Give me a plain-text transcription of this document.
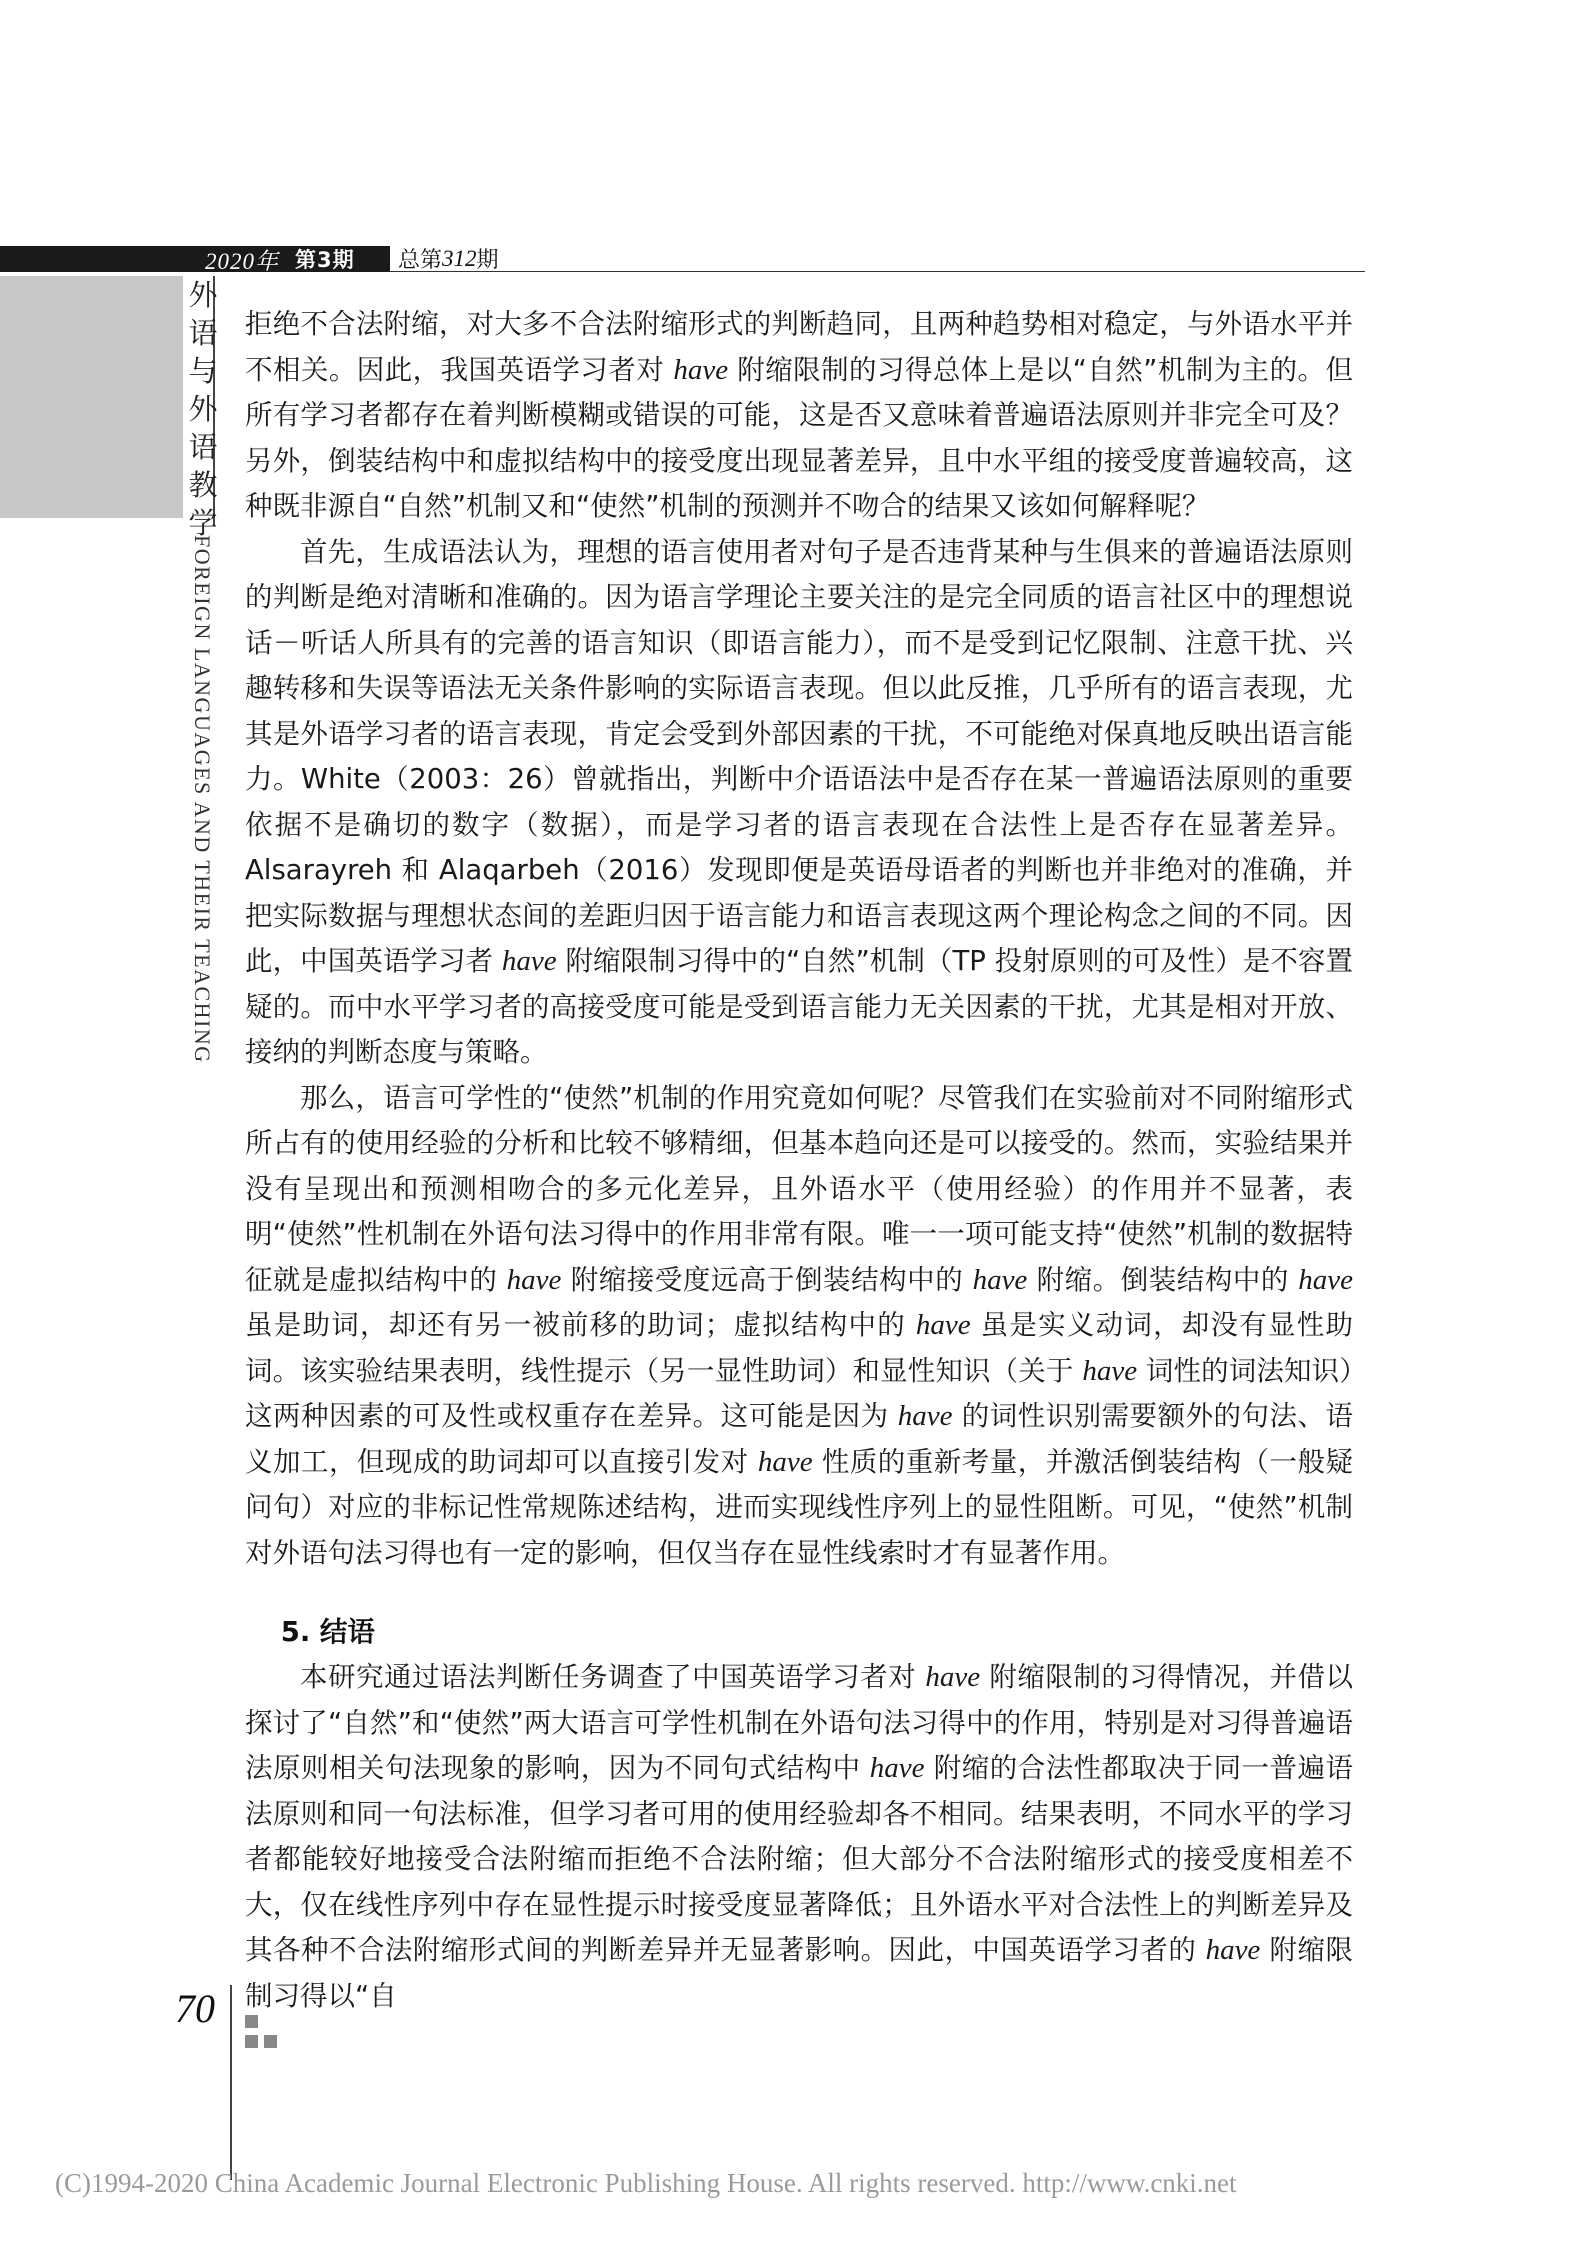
2020年 第3期 总第 312 期
外
语
与
外
语
教
学
FOREIGN LANGUAGES AND THEIR TEACHING

拒绝不合法附缩，对大多不合法附缩形式的判断趋同，且两种趋势相对稳定，与外语水平并不相关。因此，我国英语学习者对 have 附缩限制的习得总体上是以“自然”机制为主的。但所有学习者都存在着判断模糊或错误的可能，这是否又意味着普遍语法原则并非完全可及？另外，倒装结构中和虚拟结构中的接受度出现显著差异，且中水平组的接受度普遍较高，这种既非源自“自然”机制又和“使然”机制的预测并不吻合的结果又该如何解释呢？

首先，生成语法认为，理想的语言使用者对句子是否违背某种与生俱来的普遍语法原则的判断是绝对清晰和准确的。因为语言学理论主要关注的是完全同质的语言社区中的理想说话－听话人所具有的完善的语言知识（即语言能力），而不是受到记忆限制、注意干扰、兴趣转移和失误等语法无关条件影响的实际语言表现。但以此反推，几乎所有的语言表现，尤其是外语学习者的语言表现，肯定会受到外部因素的干扰，不可能绝对保真地反映出语言能力。White（2003：26）曾就指出，判断中介语语法中是否存在某一普遍语法原则的重要依据不是确切的数字（数据），而是学习者的语言表现在合法性上是否存在显著差异。Alsarayreh 和 Alaqarbeh（2016）发现即便是英语母语者的判断也并非绝对的准确，并把实际数据与理想状态间的差距归因于语言能力和语言表现这两个理论构念之间的不同。因此，中国英语学习者 have 附缩限制习得中的“自然”机制（TP 投射原则的可及性）是不容置疑的。而中水平学习者的高接受度可能是受到语言能力无关因素的干扰，尤其是相对开放、接纳的判断态度与策略。

那么，语言可学性的“使然”机制的作用究竟如何呢？尽管我们在实验前对不同附缩形式所占有的使用经验的分析和比较不够精细，但基本趋向还是可以接受的。然而，实验结果并没有呈现出和预测相吻合的多元化差异，且外语水平（使用经验）的作用并不显著，表明“使然”性机制在外语句法习得中的作用非常有限。唯一一项可能支持“使然”机制的数据特征就是虚拟结构中的 have 附缩接受度远高于倒装结构中的 have 附缩。倒装结构中的 have 虽是助词，却还有另一被前移的助词；虚拟结构中的 have 虽是实义动词，却没有显性助词。该实验结果表明，线性提示（另一显性助词）和显性知识（关于 have 词性的词法知识）这两种因素的可及性或权重存在差异。这可能是因为 have 的词性识别需要额外的句法、语义加工，但现成的助词却可以直接引发对 have 性质的重新考量，并激活倒装结构（一般疑问句）对应的非标记性常规陈述结构，进而实现线性序列上的显性阻断。可见，“使然”机制对外语句法习得也有一定的影响，但仅当存在显性线索时才有显著作用。

5. 结语

本研究通过语法判断任务调查了中国英语学习者对 have 附缩限制的习得情况，并借以探讨了“自然”和“使然”两大语言可学性机制在外语句法习得中的作用，特别是对习得普遍语法原则相关句法现象的影响，因为不同句式结构中 have 附缩的合法性都取决于同一普遍语法原则和同一句法标准，但学习者可用的使用经验却各不相同。结果表明，不同水平的学习者都能较好地接受合法附缩而拒绝不合法附缩；但大部分不合法附缩形式的接受度相差不大，仅在线性序列中存在显性提示时接受度显著降低；且外语水平对合法性上的判断差异及其各种不合法附缩形式间的判断差异并无显著影响。因此，中国英语学习者的 have 附缩限制习得以“自

70
(C)1994-2020 China Academic Journal Electronic Publishing House. All rights reserved. http://www.cnki.net
